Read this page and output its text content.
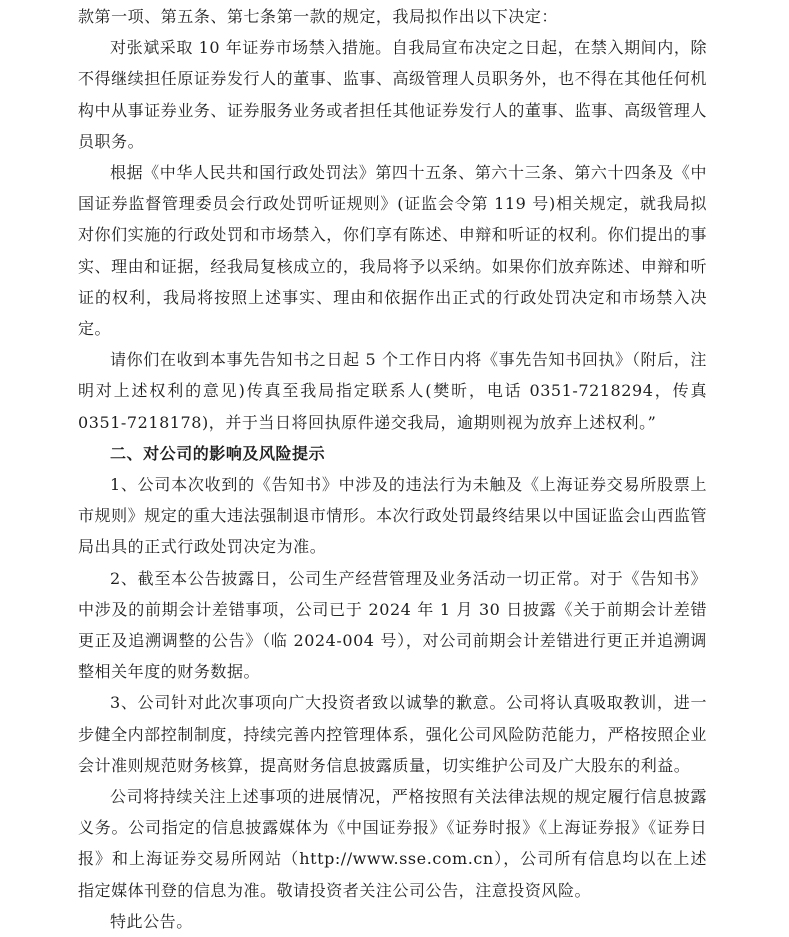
款第一项、第五条、第七条第一款的规定，我局拟作出以下决定：

对张斌采取 10 年证券市场禁入措施。自我局宣布决定之日起，在禁入期间内，除不得继续担任原证券发行人的董事、监事、高级管理人员职务外，也不得在其他任何机构中从事证券业务、证券服务业务或者担任其他证券发行人的董事、监事、高级管理人员职务。

根据《中华人民共和国行政处罚法》第四十五条、第六十三条、第六十四条及《中国证券监督管理委员会行政处罚听证规则》(证监会令第 119 号)相关规定，就我局拟对你们实施的行政处罚和市场禁入，你们享有陈述、申辩和听证的权利。你们提出的事实、理由和证据，经我局复核成立的，我局将予以采纳。如果你们放弃陈述、申辩和听证的权利，我局将按照上述事实、理由和依据作出正式的行政处罚决定和市场禁入决定。

请你们在收到本事先告知书之日起 5 个工作日内将《事先告知书回执》（附后，注明对上述权利的意见)传真至我局指定联系人(樊昕，电话 0351-7218294，传真 0351-7218178)，并于当日将回执原件递交我局，逾期则视为放弃上述权利。”

二、对公司的影响及风险提示

1、公司本次收到的《告知书》中涉及的违法行为未触及《上海证券交易所股票上市规则》规定的重大违法强制退市情形。本次行政处罚最终结果以中国证监会山西监管局出具的正式行政处罚决定为准。

2、截至本公告披露日，公司生产经营管理及业务活动一切正常。对于《告知书》中涉及的前期会计差错事项，公司已于 2024 年 1 月 30 日披露《关于前期会计差错更正及追溯调整的公告》（临 2024-004 号），对公司前期会计差错进行更正并追溯调整相关年度的财务数据。

3、公司针对此次事项向广大投资者致以诚挚的歉意。公司将认真吸取教训，进一步健全内部控制制度，持续完善内控管理体系，强化公司风险防范能力，严格按照企业会计准则规范财务核算，提高财务信息披露质量，切实维护公司及广大股东的利益。

公司将持续关注上述事项的进展情况，严格按照有关法律法规的规定履行信息披露义务。公司指定的信息披露媒体为《中国证券报》《证券时报》《上海证券报》《证券日报》和上海证券交易所网站（http://www.sse.com.cn），公司所有信息均以在上述指定媒体刊登的信息为准。敬请投资者关注公司公告，注意投资风险。

特此公告。
